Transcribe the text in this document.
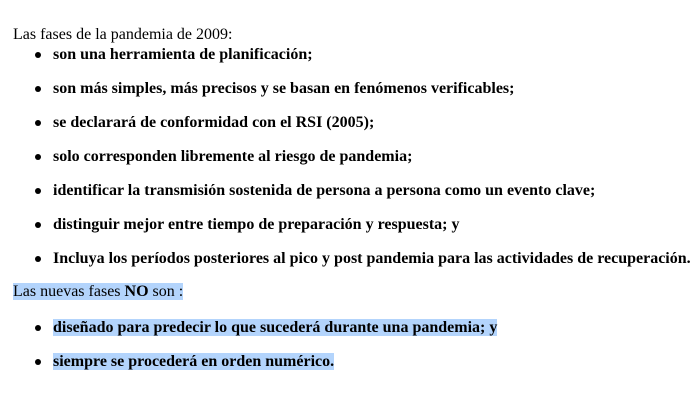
Las fases de la pandemia de 2009:

son una herramienta de planificación;
son más simples, más precisos y se basan en fenómenos verificables;
se declarará de conformidad con el RSI (2005);
solo corresponden libremente al riesgo de pandemia;
identificar la transmisión sostenida de persona a persona como un evento clave;
distinguir mejor entre tiempo de preparación y respuesta; y
Incluya los períodos posteriores al pico y post pandemia para las actividades de recuperación.

Las nuevas fases NO son :

diseñado para predecir lo que sucederá durante una pandemia; y
siempre se procederá en orden numérico.
